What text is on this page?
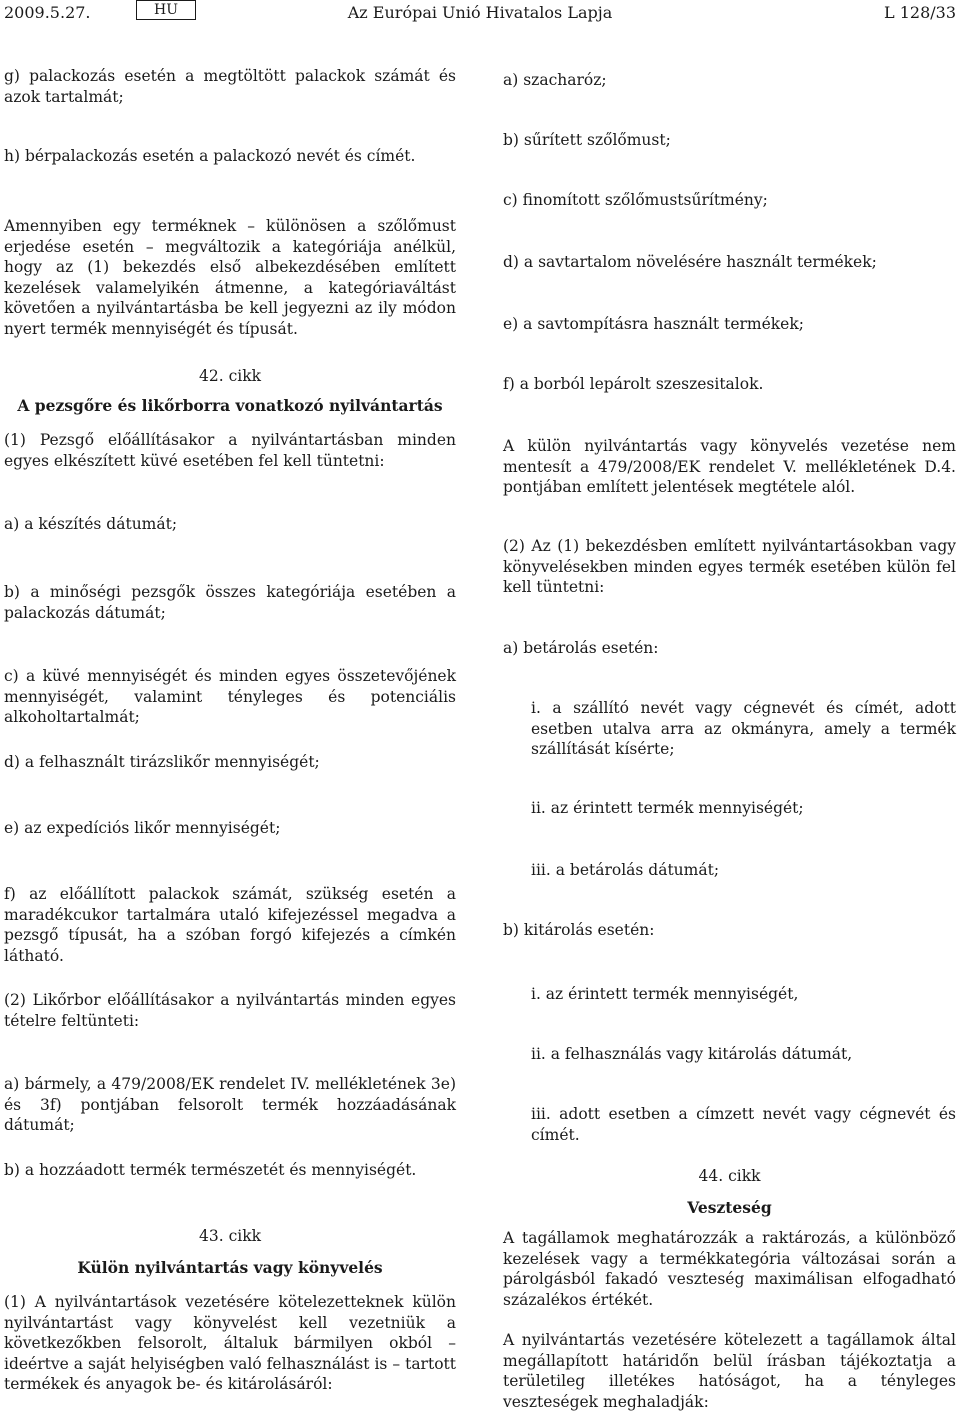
2009.5.27.	HU	Az Európai Unió Hivatalos Lapja	L 128/33
g) palackozás esetén a megtöltött palackok számát és azok tartalmát;
h) bérpalackozás esetén a palackozó nevét és címét.
Amennyiben egy terméknek – különösen a szőlőmust erjedése esetén – megváltozik a kategóriája anélkül, hogy az (1) bekezdés első albekezdésében említett kezelések valamelyikén átmenne, a kategóriaváltást követően a nyilvántartásba be kell jegyezni az ily módon nyert termék mennyiségét és típusát.
42. cikk
A pezsgőre és likőrborra vonatkozó nyilvántartás
(1) Pezsgő előállításakor a nyilvántartásban minden egyes elkészített küvé esetében fel kell tüntetni:
a) a készítés dátumát;
b) a minőségi pezsgők összes kategóriája esetében a palackozás dátumát;
c) a küvé mennyiségét és minden egyes összetevőjének mennyiségét, valamint tényleges és potenciális alkoholtartalmát;
d) a felhasznált tirázslikőr mennyiségét;
e) az expedíciós likőr mennyiségét;
f) az előállított palackok számát, szükség esetén a maradékcukor tartalmára utaló kifejezéssel megadva a pezsgő típusát, ha a szóban forgó kifejezés a címkén látható.
(2) Likőrbor előállításakor a nyilvántartás minden egyes tételre feltünteti:
a) bármely, a 479/2008/EK rendelet IV. mellékletének 3e) és 3f) pontjában felsorolt termék hozzáadásának dátumát;
b) a hozzáadott termék természetét és mennyiségét.
43. cikk
Külön nyilvántartás vagy könyvelés
(1) A nyilvántartások vezetésére kötelezetteknek külön nyilvántartást vagy könyvelést kell vezetniük a következőkben felsorolt, általuk bármilyen okból – ideértve a saját helyiségben való felhasználást is – tartott termékek és anyagok be- és kitárolásáról:
a) szacharóz;
b) sűrített szőlőmust;
c) finomított szőlőmustsűrítmény;
d) a savtartalom növelésére használt termékek;
e) a savtompításra használt termékek;
f) a borból lepárolt szeszesitalok.
A külön nyilvántartás vagy könyvelés vezetése nem mentesít a 479/2008/EK rendelet V. mellékletének D.4. pontjában említett jelentések megtétele alól.
(2) Az (1) bekezdésben említett nyilvántartásokban vagy könyvelésekben minden egyes termék esetében külön fel kell tüntetni:
a) betárolás esetén:
i. a szállító nevét vagy cégnevét és címét, adott esetben utalva arra az okmányra, amely a termék szállítását kísérte;
ii. az érintett termék mennyiségét;
iii. a betárolás dátumát;
b) kitárolás esetén:
i. az érintett termék mennyiségét,
ii. a felhasználás vagy kitárolás dátumát,
iii. adott esetben a címzett nevét vagy cégnevét és címét.
44. cikk
Veszteség
A tagállamok meghatározzák a raktározás, a különböző kezelések vagy a termékkategória változásai során a párolgásból fakadó veszteség maximálisan elfogadható százalékos értékét.
A nyilvántartás vezetésére kötelezett a tagállamok által megállapított határidőn belül írásban tájékoztatja a területileg illetékes hatóságot, ha a tényleges veszteségek meghaladják:
